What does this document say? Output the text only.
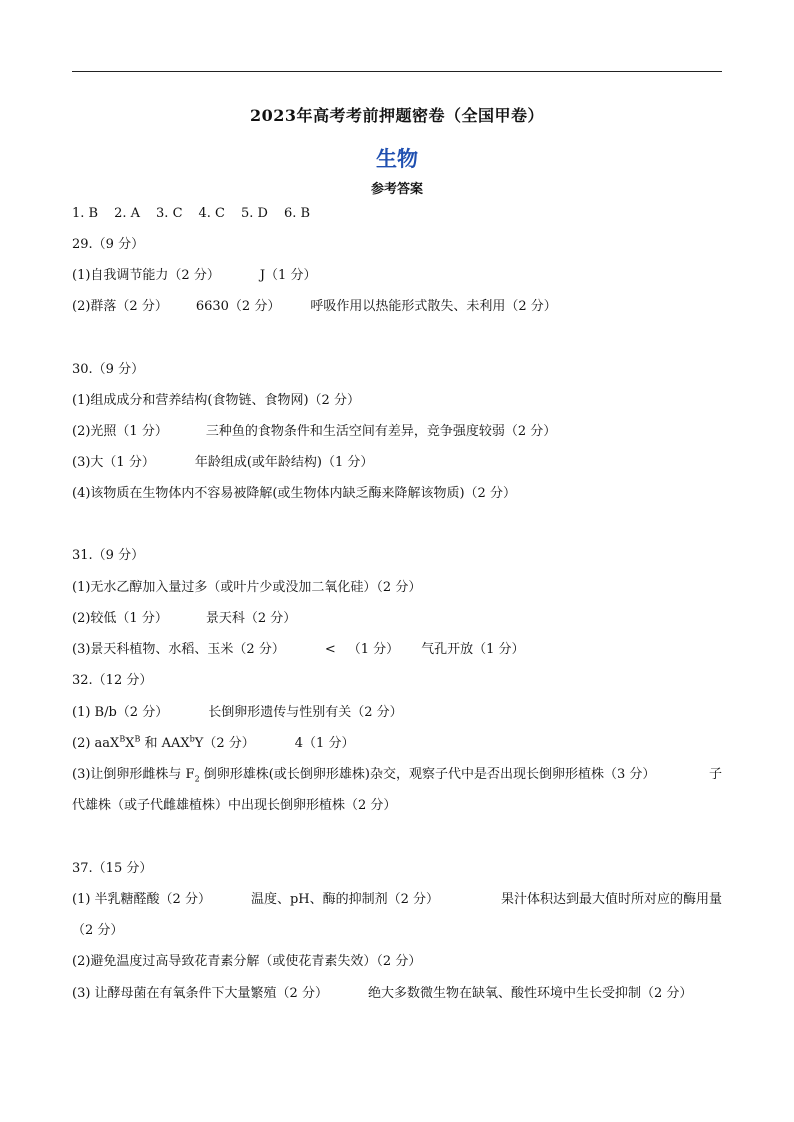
2023年高考考前押题密卷（全国甲卷）
生物
参考答案
1. B 2. A 3. C 4. C 5. D 6. B
29.（9 分）
(1)自我调节能力（2 分）	J（1 分）
(2)群落（2 分） 6630（2 分） 呼吸作用以热能形式散失、未利用（2 分）
30.（9 分）
(1)组成成分和营养结构(食物链、食物网)（2 分）
(2)光照（1 分）	三种鱼的食物条件和生活空间有差异，竞争强度较弱（2 分）
(3)大（1 分）	年龄组成(或年龄结构)（1 分）
(4)该物质在生物体内不容易被降解(或生物体内缺乏酶来降解该物质)（2 分）
31.（9 分）
(1)无水乙醇加入量过多（或叶片少或没加二氧化硅）（2 分）
(2)较低（1 分）	景天科（2 分）
(3)景天科植物、水稻、玉米（2 分）	< （1 分） 气孔开放（1 分）
32.（12 分）
(1) B/b（2 分）	长倒卵形遗传与性别有关（2 分）
(2) $aaX^BX^B$ 和 AAX$^b$Y（2 分）	4（1 分）
(3)让倒卵形雌株与 $F_2$ 倒卵形雄株(或长倒卵形雄株)杂交，观察子代中是否出现长倒卵形植株（3 分）	子
代雄株（或子代雌雄植株）中出现长倒卵形植株（2 分）
37.（15 分）
(1) 半乳糖醛酸（2 分）	温度、pH、酶的抑制剂（2 分）	果汁体积达到最大值时所对应的酶用量
（2 分）
(2)避免温度过高导致花青素分解（或使花青素失效）（2 分）
(3) 让酵母菌在有氧条件下大量繁殖（2 分）	绝大多数微生物在缺氧、酸性环境中生长受抑制（2 分）
